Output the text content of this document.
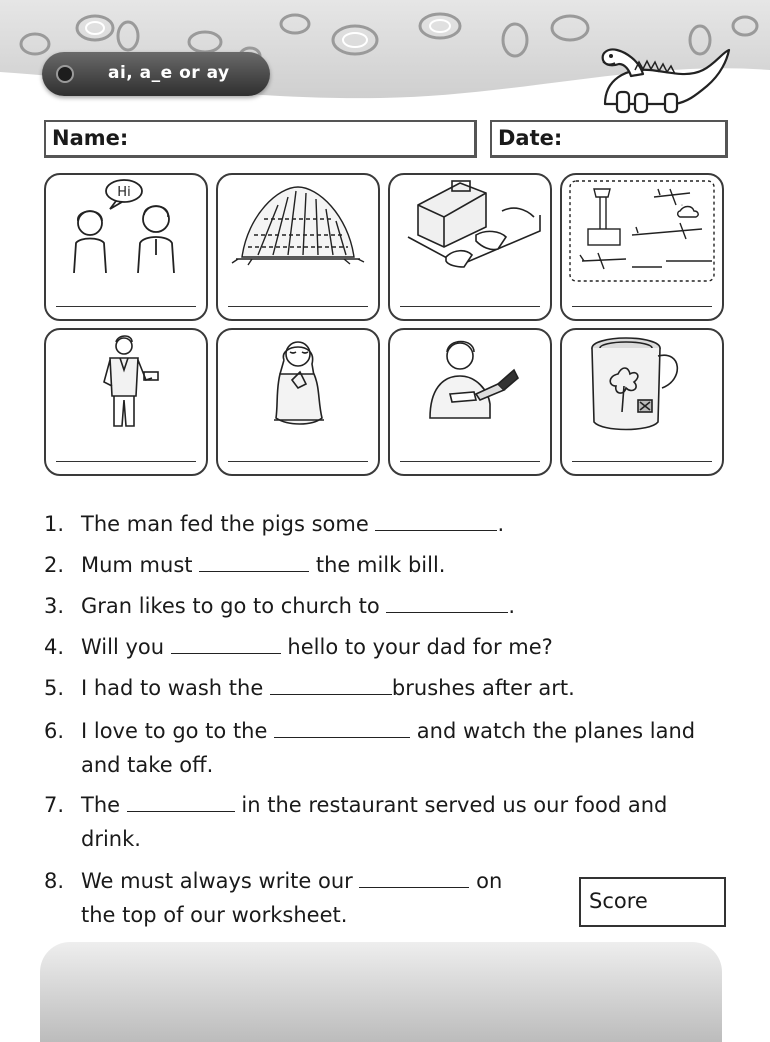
ai, a_e or ay
Name:	Date:
Hi
1. The man fed the pigs some	.
2. Mum must	the milk bill.
3. Gran likes to go to church to	.
4. Will you	hello to your dad for me?
5. I had to wash the	brushes after art.
6. I love to go to the	and watch the planes land
and take off.
7. The	in the restaurant served us our food and
drink.
8. We must always write our	on
the top of our worksheet.
Score
